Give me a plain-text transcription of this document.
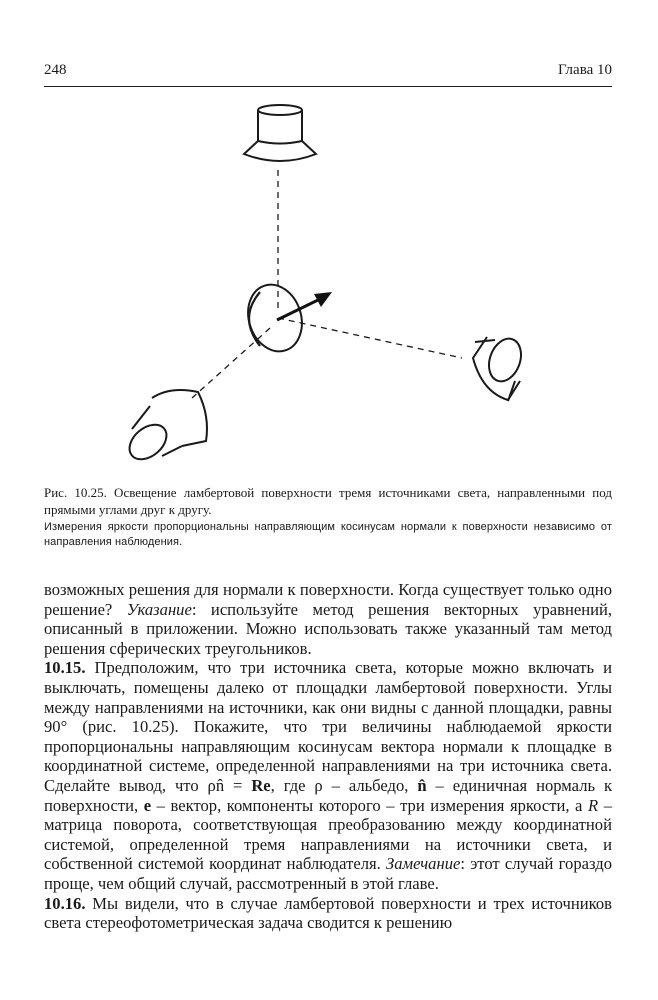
248	Глава 10

Рис. 10.25. Освещение ламбертовой поверхности тремя источниками света, направленными под прямыми углами друг к другу.

Измерения яркости пропорциональны направляющим косинусам нормали к поверхности независимо от направления наблюдения.

возможных решения для нормали к поверхности. Когда существует только одно решение? Указание: используйте метод решения векторных уравнений, описанный в приложении. Можно использовать также указанный там метод решения сферических треугольников.

10.15. Предположим, что три источника света, которые можно включать и выключать, помещены далеко от площадки ламбертовой поверхности. Углы между направлениями на источники, как они видны с данной площадки, равны 90° (рис. 10.25). Покажите, что три величины наблюдаемой яркости пропорциональны направляющим косинусам вектора нормали к площадке в координатной системе, определенной направлениями на три источника света. Сделайте вывод, что ρn̂ = Re, где ρ – альбедо, n̂ – единичная нормаль к поверхности, e – вектор, компоненты которого – три измерения яркости, а R – матрица поворота, соответствующая преобразованию между координатной системой, определенной тремя направлениями на источники света, и собственной системой координат наблюдателя. Замечание: этот случай гораздо проще, чем общий случай, рассмотренный в этой главе.

10.16. Мы видели, что в случае ламбертовой поверхности и трех источников света стереофотометрическая задача сводится к решению
